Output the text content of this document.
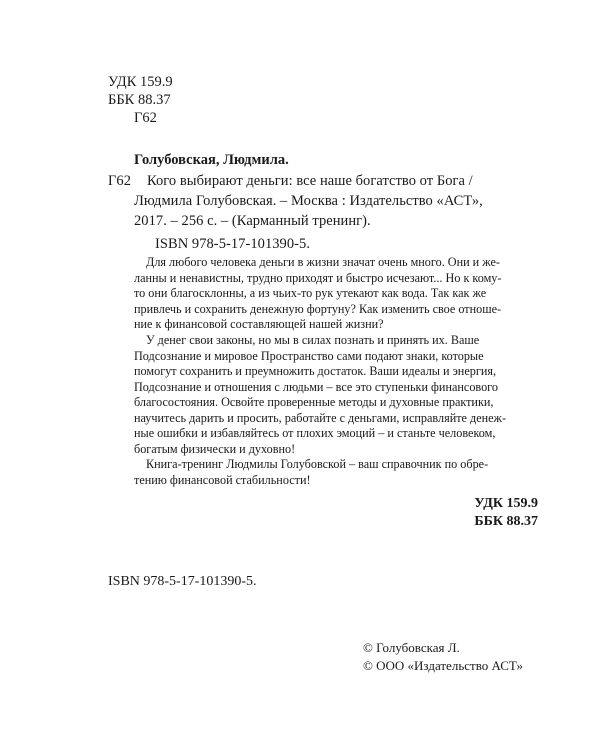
УДК 159.9
ББК 88.37
Г62
Голубовская, Людмила.
Г62 Кого выбирают деньги: все наше богатство от Бога /
Людмила Голубовская. – Москва : Издательство «АСТ»,
2017. – 256 с. – (Карманный тренинг).
ISBN 978-5-17-101390-5.
Для любого человека деньги в жизни значат очень много. Они и же-
ланны и ненавистны, трудно приходят и быстро исчезают... Но к кому-
то они благосклонны, а из чьих-то рук утекают как вода. Так как же
привлечь и сохранить денежную фортуну? Как изменить свое отноше-
ние к финансовой составляющей нашей жизни?
У денег свои законы, но мы в силах познать и принять их. Ваше
Подсознание и мировое Пространство сами подают знаки, которые
помогут сохранить и преумножить достаток. Ваши идеалы и энергия,
Подсознание и отношения с людьми – все это ступеньки финансового
благосостояния. Освойте проверенные методы и духовные практики,
научитесь дарить и просить, работайте с деньгами, исправляйте денеж-
ные ошибки и избавляйтесь от плохих эмоций – и станьте человеком,
богатым физически и духовно!
Книга-тренинг Людмилы Голубовской – ваш справочник по обре-
тению финансовой стабильности!
УДК 159.9
ББК 88.37
ISBN 978-5-17-101390-5.
© Голубовская Л.
© ООО «Издательство АСТ»
